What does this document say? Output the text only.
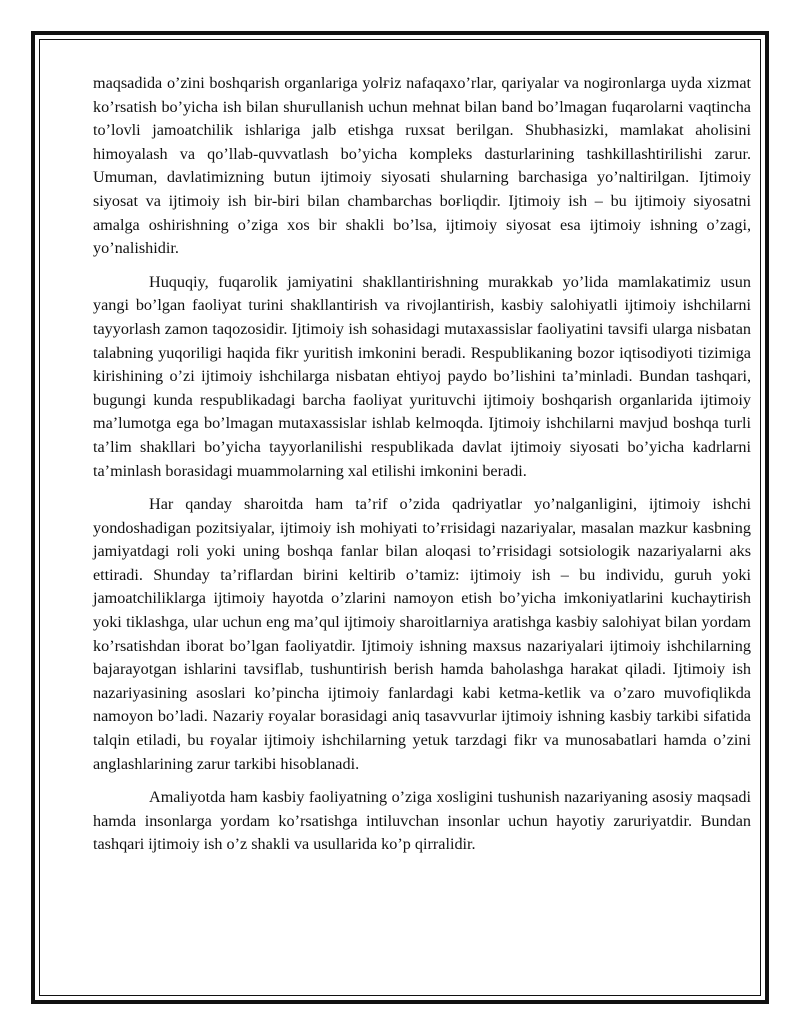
maqsadida o’zini boshqarish organlariga yolғiz nafaqaxo’rlar, qariyalar va nogironlarga uyda xizmat ko’rsatish bo’yicha ish bilan shuғullanish uchun mehnat bilan band bo’lmagan fuqarolarni vaqtincha to’lovli jamoatchilik ishlariga jalb etishga ruxsat berilgan. Shubhasizki, mamlakat aholisini himoyalash va qo’llab-quvvatlash bo’yicha kompleks dasturlarining tashkillashtirilishi zarur. Umuman, davlatimizning butun ijtimoiy siyosati shularning barchasiga yo’naltirilgan. Ijtimoiy siyosat va ijtimoiy ish bir-biri bilan chambarchas boғliqdir. Ijtimoiy ish – bu ijtimoiy siyosatni amalga oshirishning o’ziga xos bir shakli bo’lsa, ijtimoiy siyosat esa ijtimoiy ishning o’zagi, yo’nalishidir.

Huquqiy, fuqarolik jamiyatini shakllantirishning murakkab yo’lida mamlakatimiz usun yangi bo’lgan faoliyat turini shakllantirish va rivojlantirish, kasbiy salohiyatli ijtimoiy ishchilarni tayyorlash zamon taqozosidir. Ijtimoiy ish sohasidagi mutaxassislar faoliyatini tavsifi ularga nisbatan talabning yuqoriligi haqida fikr yuritish imkonini beradi. Respublikaning bozor iqtisodiyoti tizimiga kirishining o’zi ijtimoiy ishchilarga nisbatan ehtiyoj paydo bo’lishini ta’minladi. Bundan tashqari, bugungi kunda respublikadagi barcha faoliyat yurituvchi ijtimoiy boshqarish organlarida ijtimoiy ma’lumotga ega bo’lmagan mutaxassislar ishlab kelmoqda. Ijtimoiy ishchilarni mavjud boshqa turli ta’lim shakllari bo’yicha tayyorlanilishi respublikada davlat ijtimoiy siyosati bo’yicha kadrlarni ta’minlash borasidagi muammolarning xal etilishi imkonini beradi.

Har qanday sharoitda ham ta’rif o’zida qadriyatlar yo’nalganligini, ijtimoiy ishchi yondoshadigan pozitsiyalar, ijtimoiy ish mohiyati to’ғrisidagi nazariyalar, masalan mazkur kasbning jamiyatdagi roli yoki uning boshqa fanlar bilan aloqasi to’ғrisidagi sotsiologik nazariyalarni aks ettiradi. Shunday ta’riflardan birini keltirib o’tamiz: ijtimoiy ish – bu individu, guruh yoki jamoatchiliklarga ijtimoiy hayotda o’zlarini namoyon etish bo’yicha imkoniyatlarini kuchaytirish yoki tiklashga, ular uchun eng ma’qul ijtimoiy sharoitlarniya aratishga kasbiy salohiyat bilan yordam ko’rsatishdan iborat bo’lgan faoliyatdir. Ijtimoiy ishning maxsus nazariyalari ijtimoiy ishchilarning bajarayotgan ishlarini tavsiflab, tushuntirish berish hamda baholashga harakat qiladi. Ijtimoiy ish nazariyasining asoslari ko’pincha ijtimoiy fanlardagi kabi ketma-ketlik va o’zaro muvofiqlikda namoyon bo’ladi. Nazariy ғoyalar borasidagi aniq tasavvurlar ijtimoiy ishning kasbiy tarkibi sifatida talqin etiladi, bu ғoyalar ijtimoiy ishchilarning yetuk tarzdagi fikr va munosabatlari hamda o’zini anglashlarining zarur tarkibi hisoblanadi.

Amaliyotda ham kasbiy faoliyatning o’ziga xosligini tushunish nazariyaning asosiy maqsadi hamda insonlarga yordam ko’rsatishga intiluvchan insonlar uchun hayotiy zaruriyatdir. Bundan tashqari ijtimoiy ish o’z shakli va usullarida ko’p qirralidir.
